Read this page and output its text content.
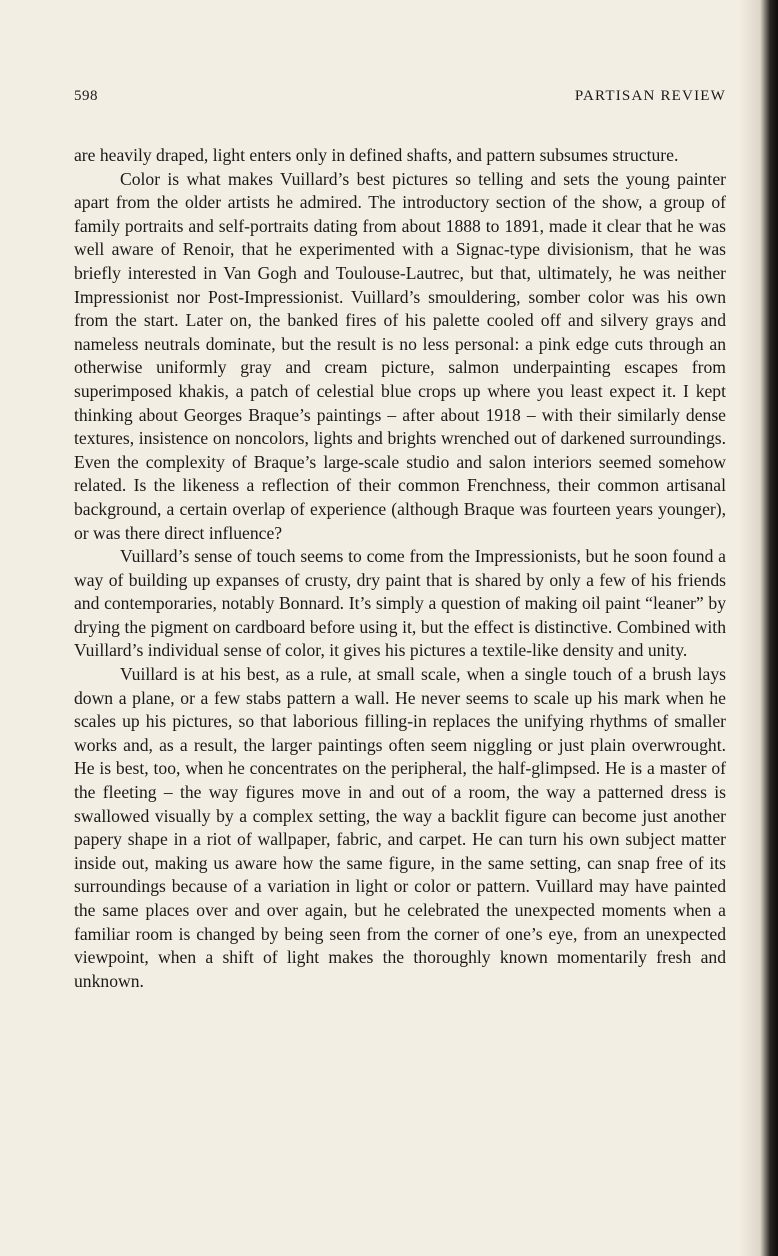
598	PARTISAN REVIEW

are heavily draped, light enters only in defined shafts, and pattern subsumes structure.

Color is what makes Vuillard’s best pictures so telling and sets the young painter apart from the older artists he admired. The introductory section of the show, a group of family portraits and self-portraits dating from about 1888 to 1891, made it clear that he was well aware of Renoir, that he experimented with a Signac-type divisionism, that he was briefly interested in Van Gogh and Toulouse-Lautrec, but that, ultimately, he was neither Impressionist nor Post-Impressionist. Vuillard’s smouldering, somber color was his own from the start. Later on, the banked fires of his palette cooled off and silvery grays and nameless neutrals dominate, but the result is no less personal: a pink edge cuts through an otherwise uniformly gray and cream picture, salmon underpainting escapes from superimposed khakis, a patch of celestial blue crops up where you least expect it. I kept thinking about Georges Braque’s paintings – after about 1918 – with their similarly dense textures, insistence on noncolors, lights and brights wrenched out of darkened surroundings. Even the complexity of Braque’s large-scale studio and salon interiors seemed somehow related. Is the likeness a reflection of their common Frenchness, their common artisanal background, a certain overlap of experience (although Braque was fourteen years younger), or was there direct influence?

Vuillard’s sense of touch seems to come from the Impressionists, but he soon found a way of building up expanses of crusty, dry paint that is shared by only a few of his friends and contemporaries, notably Bonnard. It’s simply a question of making oil paint “leaner” by drying the pigment on cardboard before using it, but the effect is distinctive. Combined with Vuillard’s individual sense of color, it gives his pictures a textile-like density and unity.

Vuillard is at his best, as a rule, at small scale, when a single touch of a brush lays down a plane, or a few stabs pattern a wall. He never seems to scale up his mark when he scales up his pictures, so that laborious filling-in replaces the unifying rhythms of smaller works and, as a result, the larger paintings often seem niggling or just plain overwrought. He is best, too, when he concentrates on the peripheral, the half-glimpsed. He is a master of the fleeting – the way figures move in and out of a room, the way a patterned dress is swallowed visually by a complex setting, the way a backlit figure can become just another papery shape in a riot of wallpaper, fabric, and carpet. He can turn his own subject matter inside out, making us aware how the same figure, in the same setting, can snap free of its surroundings because of a variation in light or color or pattern. Vuillard may have painted the same places over and over again, but he celebrated the unexpected moments when a familiar room is changed by being seen from the corner of one’s eye, from an unexpected viewpoint, when a shift of light makes the thoroughly known momentarily fresh and unknown.
